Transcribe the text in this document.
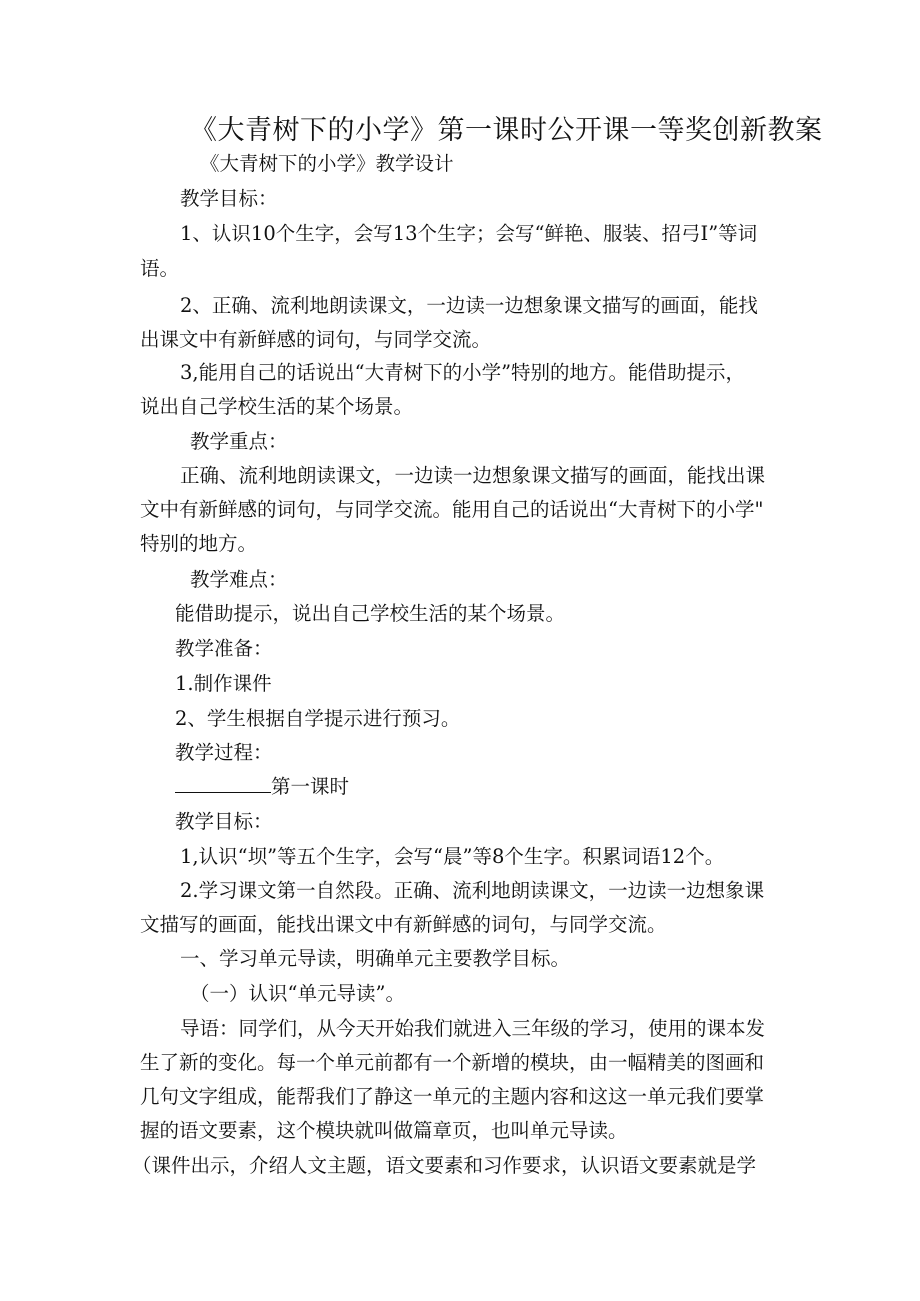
《大青树下的小学》第一课时公开课一等奖创新教案
《大青树下的小学》教学设计
教学目标：
1、认识10个生字，会写13个生字；会写“鲜艳、服装、招弓I”等词
语。
2、正确、流利地朗读课文，一边读一边想象课文描写的画面，能找
出课文中有新鲜感的词句，与同学交流。
3,能用自己的话说出“大青树下的小学”特别的地方。能借助提示，
说出自己学校生活的某个场景。
教学重点：
正确、流利地朗读课文，一边读一边想象课文描写的画面，能找出课
文中有新鲜感的词句，与同学交流。能用自己的话说出“大青树下的小学"
特别的地方。
教学难点：
能借助提示，说出自己学校生活的某个场景。
教学准备：
1.制作课件
2、学生根据自学提示进行预习。
教学过程：
第一课时
教学目标：
1,认识“坝”等五个生字，会写“晨”等8个生字。积累词语12个。
2.学习课文第一自然段。正确、流利地朗读课文，一边读一边想象课
文描写的画面，能找出课文中有新鲜感的词句，与同学交流。
一、学习单元导读，明确单元主要教学目标。
（一）认识“单元导读”。
导语：同学们，从今天开始我们就进入三年级的学习，使用的课本发
生了新的变化。每一个单元前都有一个新增的模块，由一幅精美的图画和
几句文字组成，能帮我们了静这一单元的主题内容和这这一单元我们要掌
握的语文要素，这个模块就叫做篇章页，也叫单元导读。
（课件出示，介绍人文主题，语文要素和习作要求，认识语文要素就是学
